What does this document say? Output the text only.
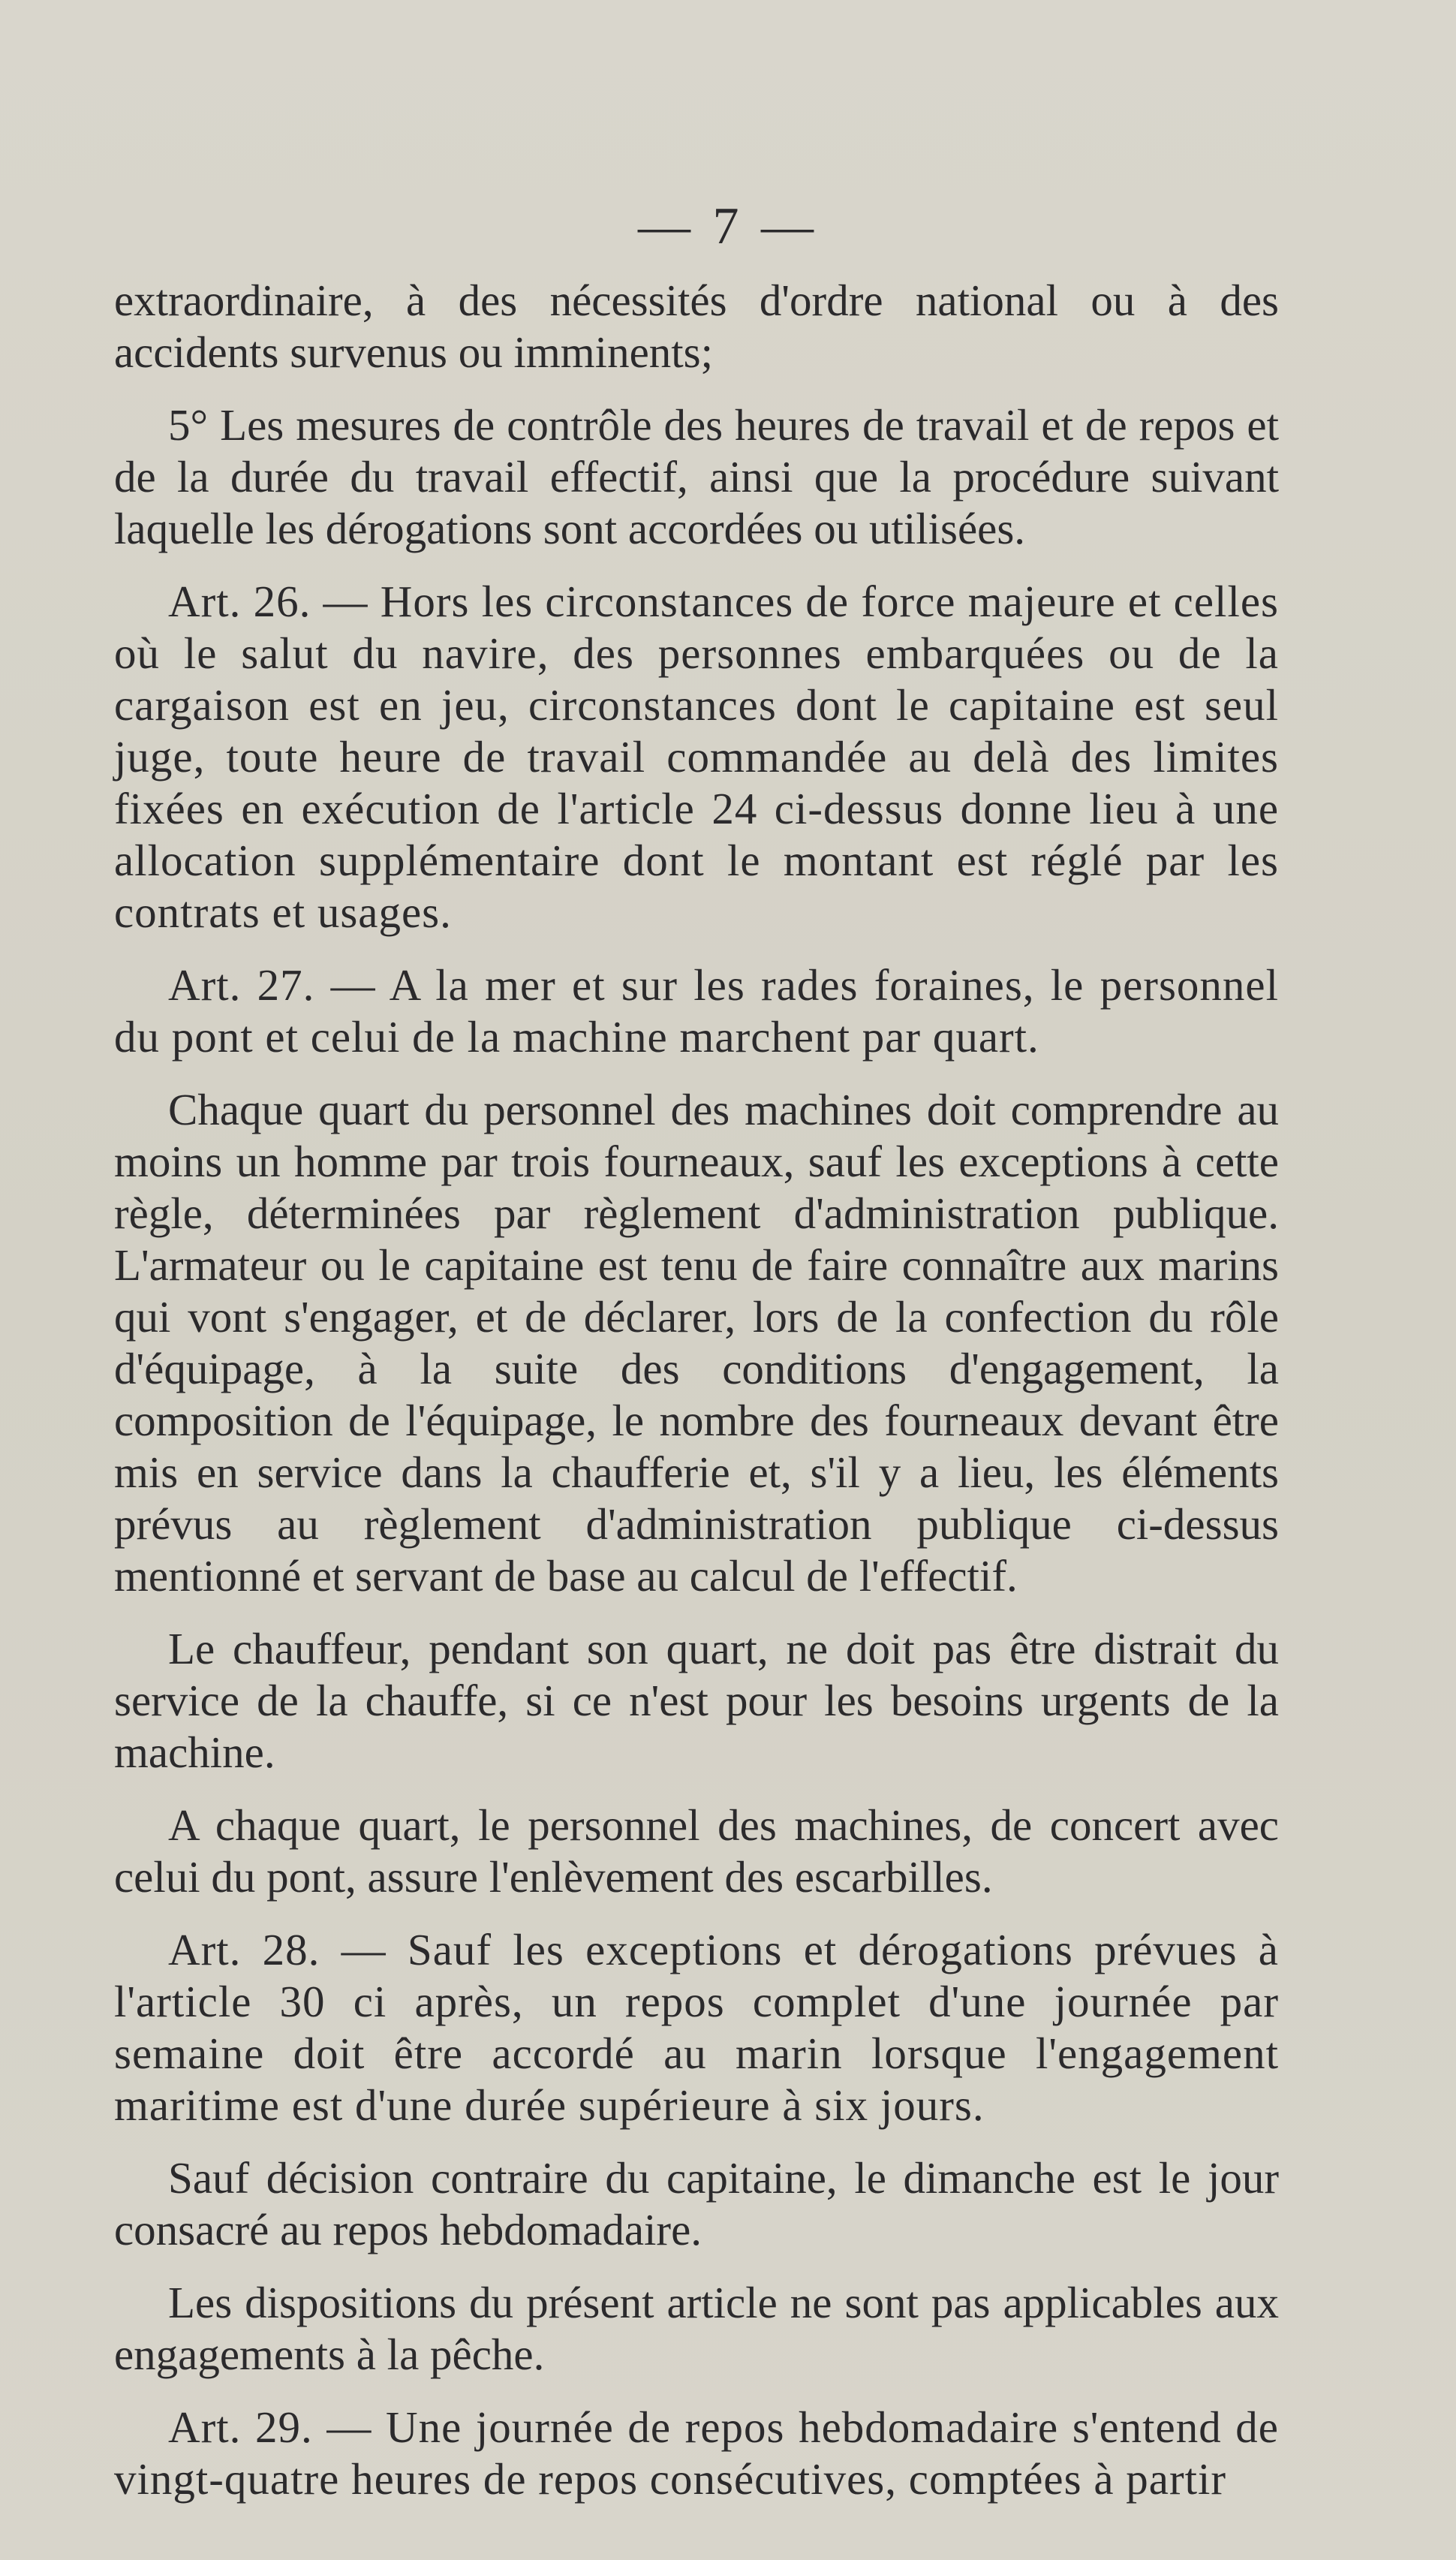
— 7 —

extraordinaire, à des nécessités d'ordre national ou à des accidents survenus ou imminents;

5° Les mesures de contrôle des heures de travail et de repos et de la durée du travail effectif, ainsi que la procédure suivant laquelle les dérogations sont accordées ou utilisées.

Art. 26. — Hors les circonstances de force majeure et celles où le salut du navire, des personnes embarquées ou de la cargaison est en jeu, circonstances dont le capitaine est seul juge, toute heure de travail commandée au delà des limites fixées en exécution de l'article 24 ci-dessus donne lieu à une allocation supplémentaire dont le montant est réglé par les contrats et usages.

Art. 27. — A la mer et sur les rades foraines, le personnel du pont et celui de la machine marchent par quart.

Chaque quart du personnel des machines doit comprendre au moins un homme par trois fourneaux, sauf les exceptions à cette règle, déterminées par règlement d'administration publique. L'armateur ou le capitaine est tenu de faire connaître aux marins qui vont s'engager, et de déclarer, lors de la confection du rôle d'équipage, à la suite des conditions d'engagement, la composition de l'équipage, le nombre des fourneaux devant être mis en service dans la chaufferie et, s'il y a lieu, les éléments prévus au règlement d'administration publique ci-dessus mentionné et servant de base au calcul de l'effectif.

Le chauffeur, pendant son quart, ne doit pas être distrait du service de la chauffe, si ce n'est pour les besoins urgents de la machine.

A chaque quart, le personnel des machines, de concert avec celui du pont, assure l'enlèvement des escarbilles.

Art. 28. — Sauf les exceptions et dérogations prévues à l'article 30 ci après, un repos complet d'une journée par semaine doit être accordé au marin lorsque l'engagement maritime est d'une durée supérieure à six jours.

Sauf décision contraire du capitaine, le dimanche est le jour consacré au repos hebdomadaire.

Les dispositions du présent article ne sont pas applicables aux engagements à la pêche.

Art. 29. — Une journée de repos hebdomadaire s'entend de vingt-quatre heures de repos consécutives, comptées à partir
